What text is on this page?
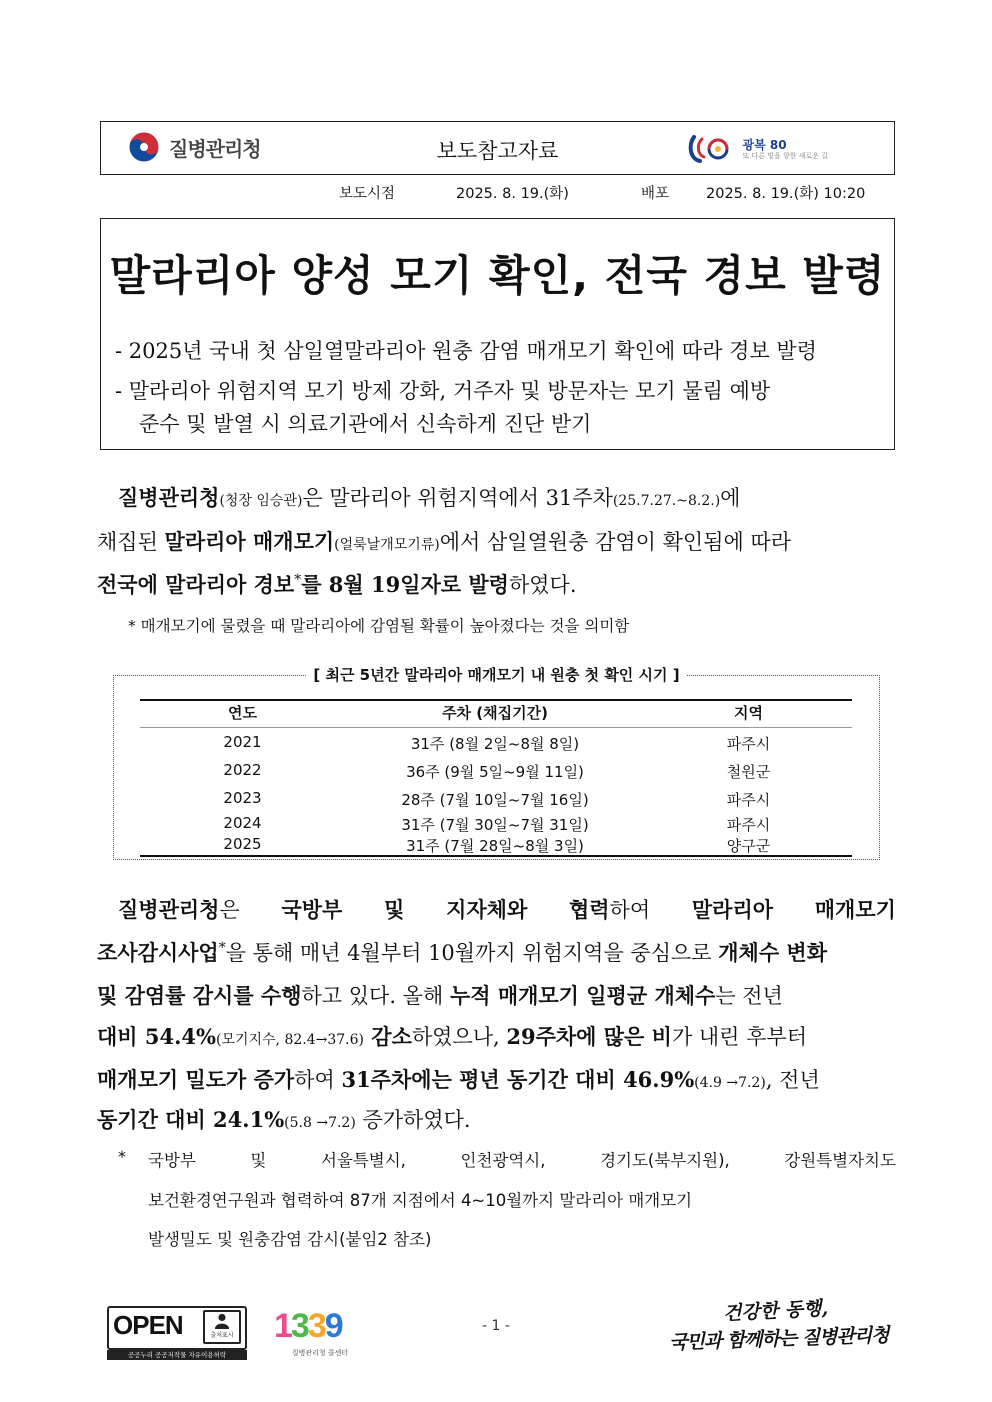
질병관리청	보도참고자료	광복 80
또 다른 빛을 향한 새로운 길
보도시점	2025. 8. 19.(화)	배포	2025. 8. 19.(화) 10:20
말라리아 양성 모기 확인, 전국 경보 발령
- 2025년 국내 첫 삼일열말라리아 원충 감염 매개모기 확인에 따라 경보 발령
- 말라리아 위험지역 모기 방제 강화, 거주자 및 방문자는 모기 물림 예방
준수 및 발열 시 의료기관에서 신속하게 진단 받기
질병관리청(청장 임승관)은 말라리아 위험지역에서 31주차(25.7.27.~8.2.)에
채집된 말라리아 매개모기(얼룩날개모기류)에서 삼일열원충 감염이 확인됨에 따라
전국에 말라리아 경보*를 8월 19일자로 발령하였다.
* 매개모기에 물렸을 때 말라리아에 감염될 확률이 높아졌다는 것을 의미함
[ 최근 5년간 말라리아 매개모기 내 원충 첫 확인 시기 ]
연도	주차 (채집기간)	지역
2021	31주 (8월 2일~8월 8일)	파주시
2022	36주 (9월 5일~9월 11일)	철원군
2023	28주 (7월 10일~7월 16일)	파주시
2024	31주 (7월 30일~7월 31일)	파주시
2025	31주 (7월 28일~8월 3일)	양구군
질병관리청은 국방부 및 지자체와 협력하여 말라리아 매개모기
조사감시사업*을 통해 매년 4월부터 10월까지 위험지역을 중심으로 개체수 변화
및 감염률 감시를 수행하고 있다. 올해 누적 매개모기 일평균 개체수는 전년
대비 54.4%(모기지수, 82.4→37.6) 감소하였으나, 29주차에 많은 비가 내린 후부터
매개모기 밀도가 증가하여 31주차에는 평년 동기간 대비 46.9%(4.9 →7.2), 전년
동기간 대비 24.1%(5.8 →7.2) 증가하였다.
* 국방부	및	서울특별시,	인천광역시,	경기도(북부지원),	강원특별자치도
보건환경연구원과 협력하여 87개 지점에서 4~10월까지 말라리아 매개모기
발생밀도 및 원충감염 감시(붙임2 참조)
OPEN	출처표시
공공누리 공공저작물 자유이용허락
1339
질병관리청 콜센터
- 1 -
건강한 동행,
국민과 함께하는 질병관리청
